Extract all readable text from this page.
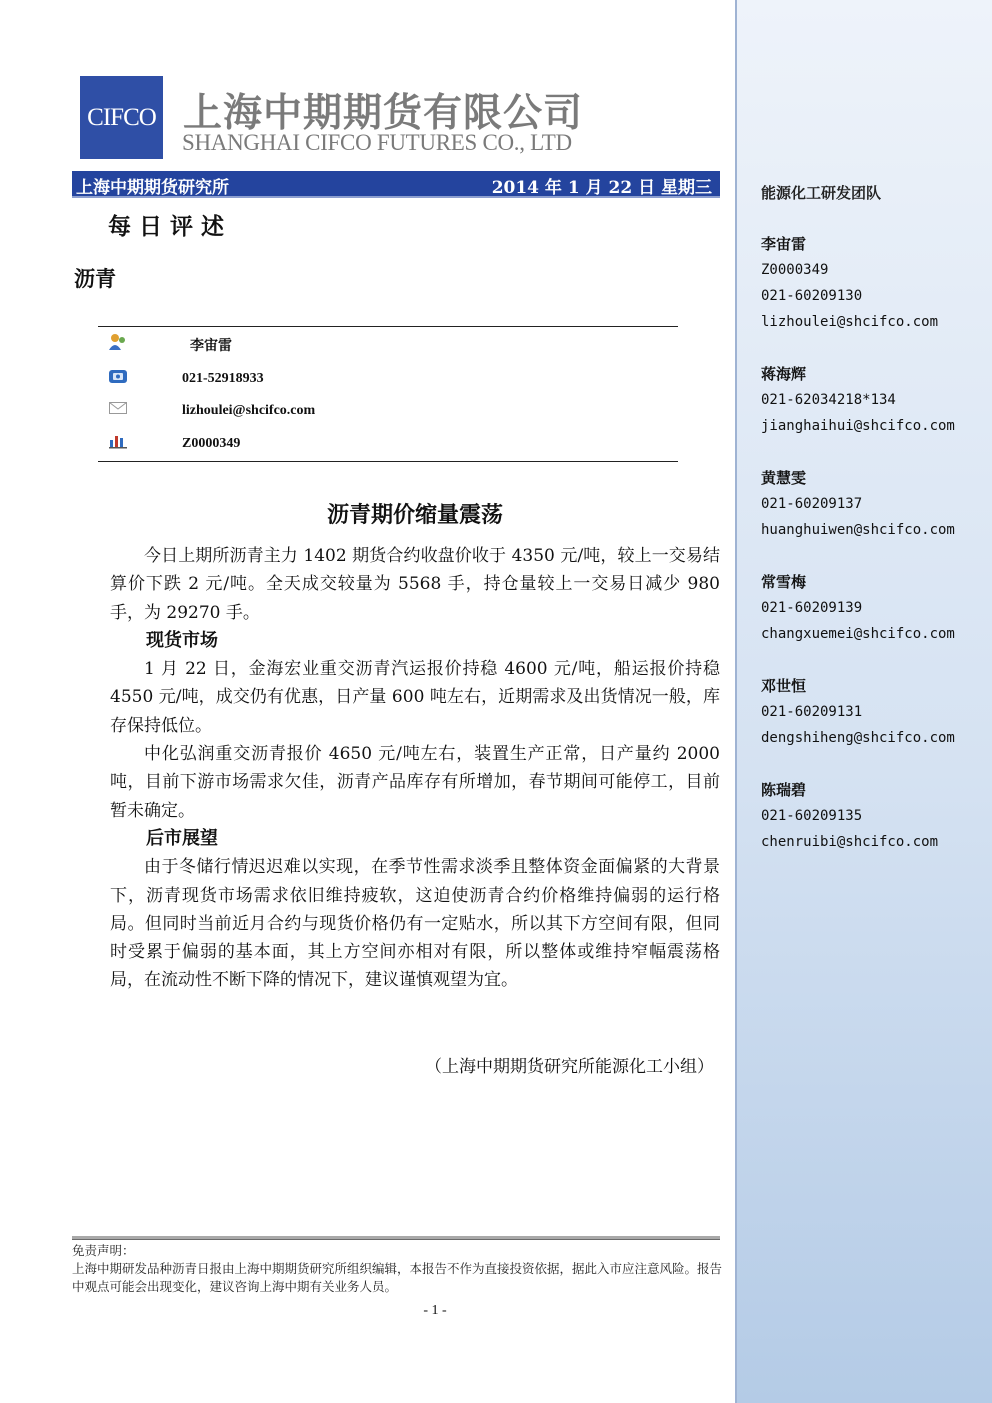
CIFCO 上海中期期货有限公司
SHANGHAI CIFCO FUTURES CO., LTD
上海中期期货研究所	2014 年 1 月 22 日 星期三
每日评述
沥青
李宙雷
021-52918933
lizhoulei@shcifco.com
Z0000349
沥青期价缩量震荡

今日上期所沥青主力 1402 期货合约收盘价收于 4350 元/吨，较上一交易结算价下跌 2 元/吨。全天成交较量为 5568 手，持仓量较上一交易日减少 980 手，为 29270 手。

现货市场

1 月 22 日，金海宏业重交沥青汽运报价持稳 4600 元/吨，船运报价持稳 4550 元/吨，成交仍有优惠，日产量 600 吨左右，近期需求及出货情况一般，库存保持低位。

中化弘润重交沥青报价 4650 元/吨左右，装置生产正常，日产量约 2000 吨，目前下游市场需求欠佳，沥青产品库存有所增加，春节期间可能停工，目前暂未确定。

后市展望

由于冬储行情迟迟难以实现，在季节性需求淡季且整体资金面偏紧的大背景下，沥青现货市场需求依旧维持疲软，这迫使沥青合约价格维持偏弱的运行格局。但同时当前近月合约与现货价格仍有一定贴水，所以其下方空间有限，但同时受累于偏弱的基本面，其上方空间亦相对有限，所以整体或维持窄幅震荡格局，在流动性不断下降的情况下，建议谨慎观望为宜。

（上海中期期货研究所能源化工小组）
免责声明：
上海中期研发品种沥青日报由上海中期期货研究所组织编辑，本报告不作为直接投资依据，据此入市应注意风险。报告中观点可能会出现变化，建议咨询上海中期有关业务人员。
- 1 -
能源化工研发团队
李宙雷
Z0000349
021-60209130
lizhoulei@shcifco.com
蒋海辉
021-62034218*134
jianghaihui@shcifco.com
黄慧雯
021-60209137
huanghuiwen@shcifco.com
常雪梅
021-60209139
changxuemei@shcifco.com
邓世恒
021-60209131
dengshiheng@shcifco.com
陈瑞碧
021-60209135
chenruibi@shcifco.com
